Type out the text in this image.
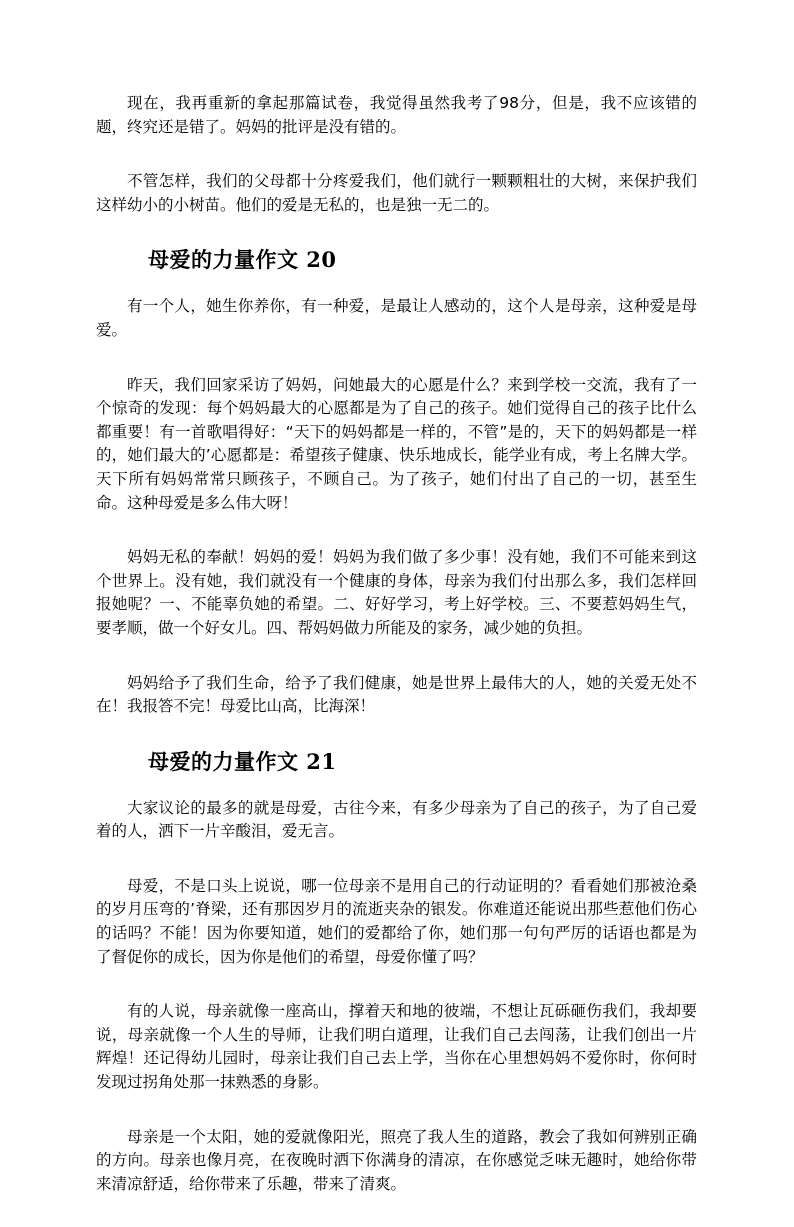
现在，我再重新的拿起那篇试卷，我觉得虽然我考了98分，但是，我不应该错的题，终究还是错了。妈妈的批评是没有错的。

不管怎样，我们的父母都十分疼爱我们，他们就行一颗颗粗壮的大树，来保护我们这样幼小的小树苗。他们的爱是无私的，也是独一无二的。

母爱的力量作文 20

有一个人，她生你养你，有一种爱，是最让人感动的，这个人是母亲，这种爱是母爱。

昨天，我们回家采访了妈妈，问她最大的心愿是什么？来到学校一交流，我有了一个惊奇的发现：每个妈妈最大的心愿都是为了自己的孩子。她们觉得自己的孩子比什么都重要！有一首歌唱得好：“天下的妈妈都是一样的，不管”是的，天下的妈妈都是一样的，她们最大的’心愿都是：希望孩子健康、快乐地成长，能学业有成，考上名牌大学。天下所有妈妈常常只顾孩子，不顾自己。为了孩子，她们付出了自己的一切，甚至生命。这种母爱是多么伟大呀！

妈妈无私的奉献！妈妈的爱！妈妈为我们做了多少事！没有她，我们不可能来到这个世界上。没有她，我们就没有一个健康的身体，母亲为我们付出那么多，我们怎样回报她呢？一、不能辜负她的希望。二、好好学习，考上好学校。三、不要惹妈妈生气，要孝顺，做一个好女儿。四、帮妈妈做力所能及的家务，减少她的负担。

妈妈给予了我们生命，给予了我们健康，她是世界上最伟大的人，她的关爱无处不在！我报答不完！母爱比山高，比海深！

母爱的力量作文 21

大家议论的最多的就是母爱，古往今来，有多少母亲为了自己的孩子，为了自己爱着的人，洒下一片辛酸泪，爱无言。

母爱，不是口头上说说，哪一位母亲不是用自己的行动证明的？看看她们那被沧桑的岁月压弯的’脊梁，还有那因岁月的流逝夹杂的银发。你难道还能说出那些惹他们伤心的话吗？不能！因为你要知道，她们的爱都给了你，她们那一句句严厉的话语也都是为了督促你的成长，因为你是他们的希望，母爱你懂了吗？

有的人说，母亲就像一座高山，撑着天和地的彼端，不想让瓦砾砸伤我们，我却要说，母亲就像一个人生的导师，让我们明白道理，让我们自己去闯荡，让我们创出一片辉煌！还记得幼儿园时，母亲让我们自己去上学，当你在心里想妈妈不爱你时，你何时发现过拐角处那一抹熟悉的身影。

母亲是一个太阳，她的爱就像阳光，照亮了我人生的道路，教会了我如何辨别正确的方向。母亲也像月亮，在夜晚时洒下你满身的清凉，在你感觉乏味无趣时，她给你带来清凉舒适，给你带来了乐趣，带来了清爽。
